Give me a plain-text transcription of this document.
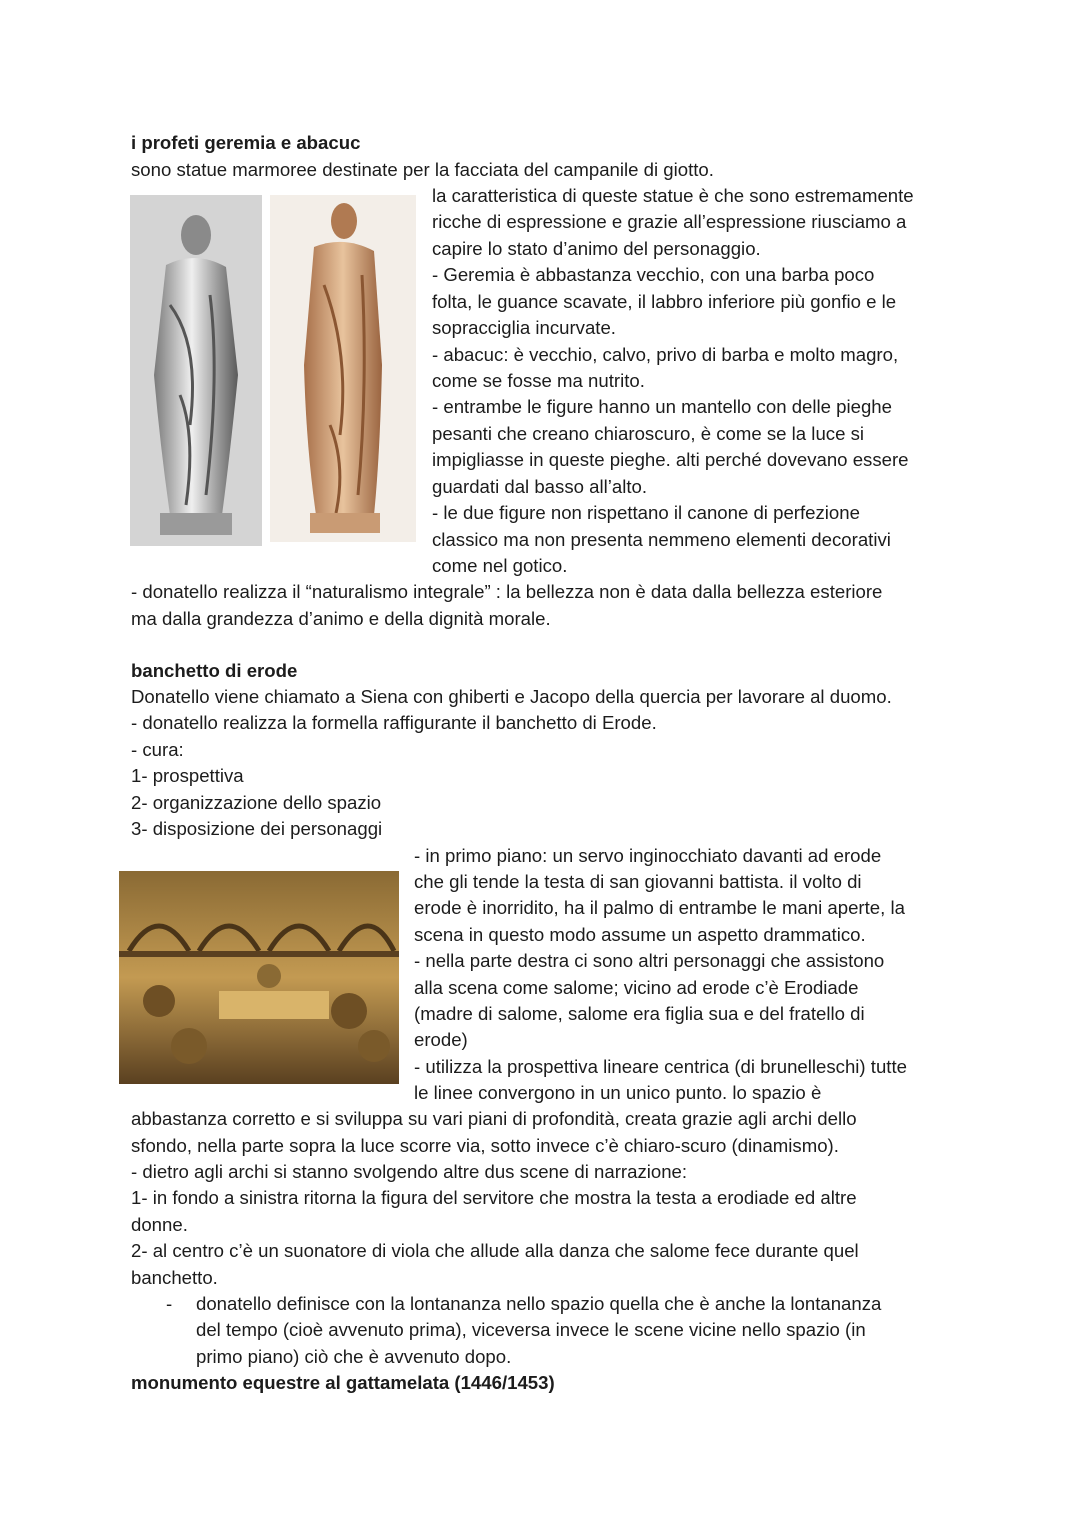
i profeti geremia e abacuc
sono statue marmoree destinate per la facciata del campanile di giotto.
la caratteristica di queste statue è che sono estremamente
ricche di espressione e grazie all’espressione riusciamo a
capire lo stato d’animo del personaggio.
- Geremia è abbastanza vecchio, con una barba poco
folta, le guance scavate, il labbro inferiore più gonfio e le
sopracciglia incurvate.
- abacuc: è vecchio, calvo, privo di barba e molto magro,
come se fosse ma nutrito.
- entrambe le figure hanno un mantello con delle pieghe
pesanti che creano chiaroscuro, è come se la luce si
impigliasse in queste pieghe. alti perché dovevano essere
guardati dal basso all’alto.
- le due figure non rispettano il canone di perfezione
classico ma non presenta nemmeno elementi decorativi
come nel gotico.
- donatello realizza il “naturalismo integrale” : la bellezza non è data dalla bellezza esteriore
ma dalla grandezza d’animo e della dignità morale.
banchetto di erode
Donatello viene chiamato a Siena con ghiberti e Jacopo della quercia per lavorare al duomo.
- donatello realizza la formella raffigurante il banchetto di Erode.
- cura:
1- prospettiva
2- organizzazione dello spazio
3- disposizione dei personaggi
- in primo piano: un servo inginocchiato davanti ad erode
che gli tende la testa di san giovanni battista. il volto di
erode è inorridito, ha il palmo di entrambe le mani aperte, la
scena in questo modo assume un aspetto drammatico.
- nella parte destra ci sono altri personaggi che assistono
alla scena come salome; vicino ad erode c’è Erodiade
(madre di salome, salome era figlia sua e del fratello di
erode)
- utilizza la prospettiva lineare centrica (di brunelleschi) tutte
le linee convergono in un unico punto. lo spazio è
abbastanza corretto e si sviluppa su vari piani di profondità, creata grazie agli archi dello
sfondo, nella parte sopra la luce scorre via, sotto invece c’è chiaro-scuro (dinamismo).
- dietro agli archi si stanno svolgendo altre dus scene di narrazione:
1- in fondo a sinistra ritorna la figura del servitore che mostra la testa a erodiade ed altre
donne.
2- al centro c’è un suonatore di viola che allude alla danza che salome fece durante quel
banchetto.
- donatello definisce con la lontananza nello spazio quella che è anche la lontananza
del tempo (cioè avvenuto prima), viceversa invece le scene vicine nello spazio (in
primo piano) ciò che è avvenuto dopo.
monumento equestre al gattamelata (1446/1453)
